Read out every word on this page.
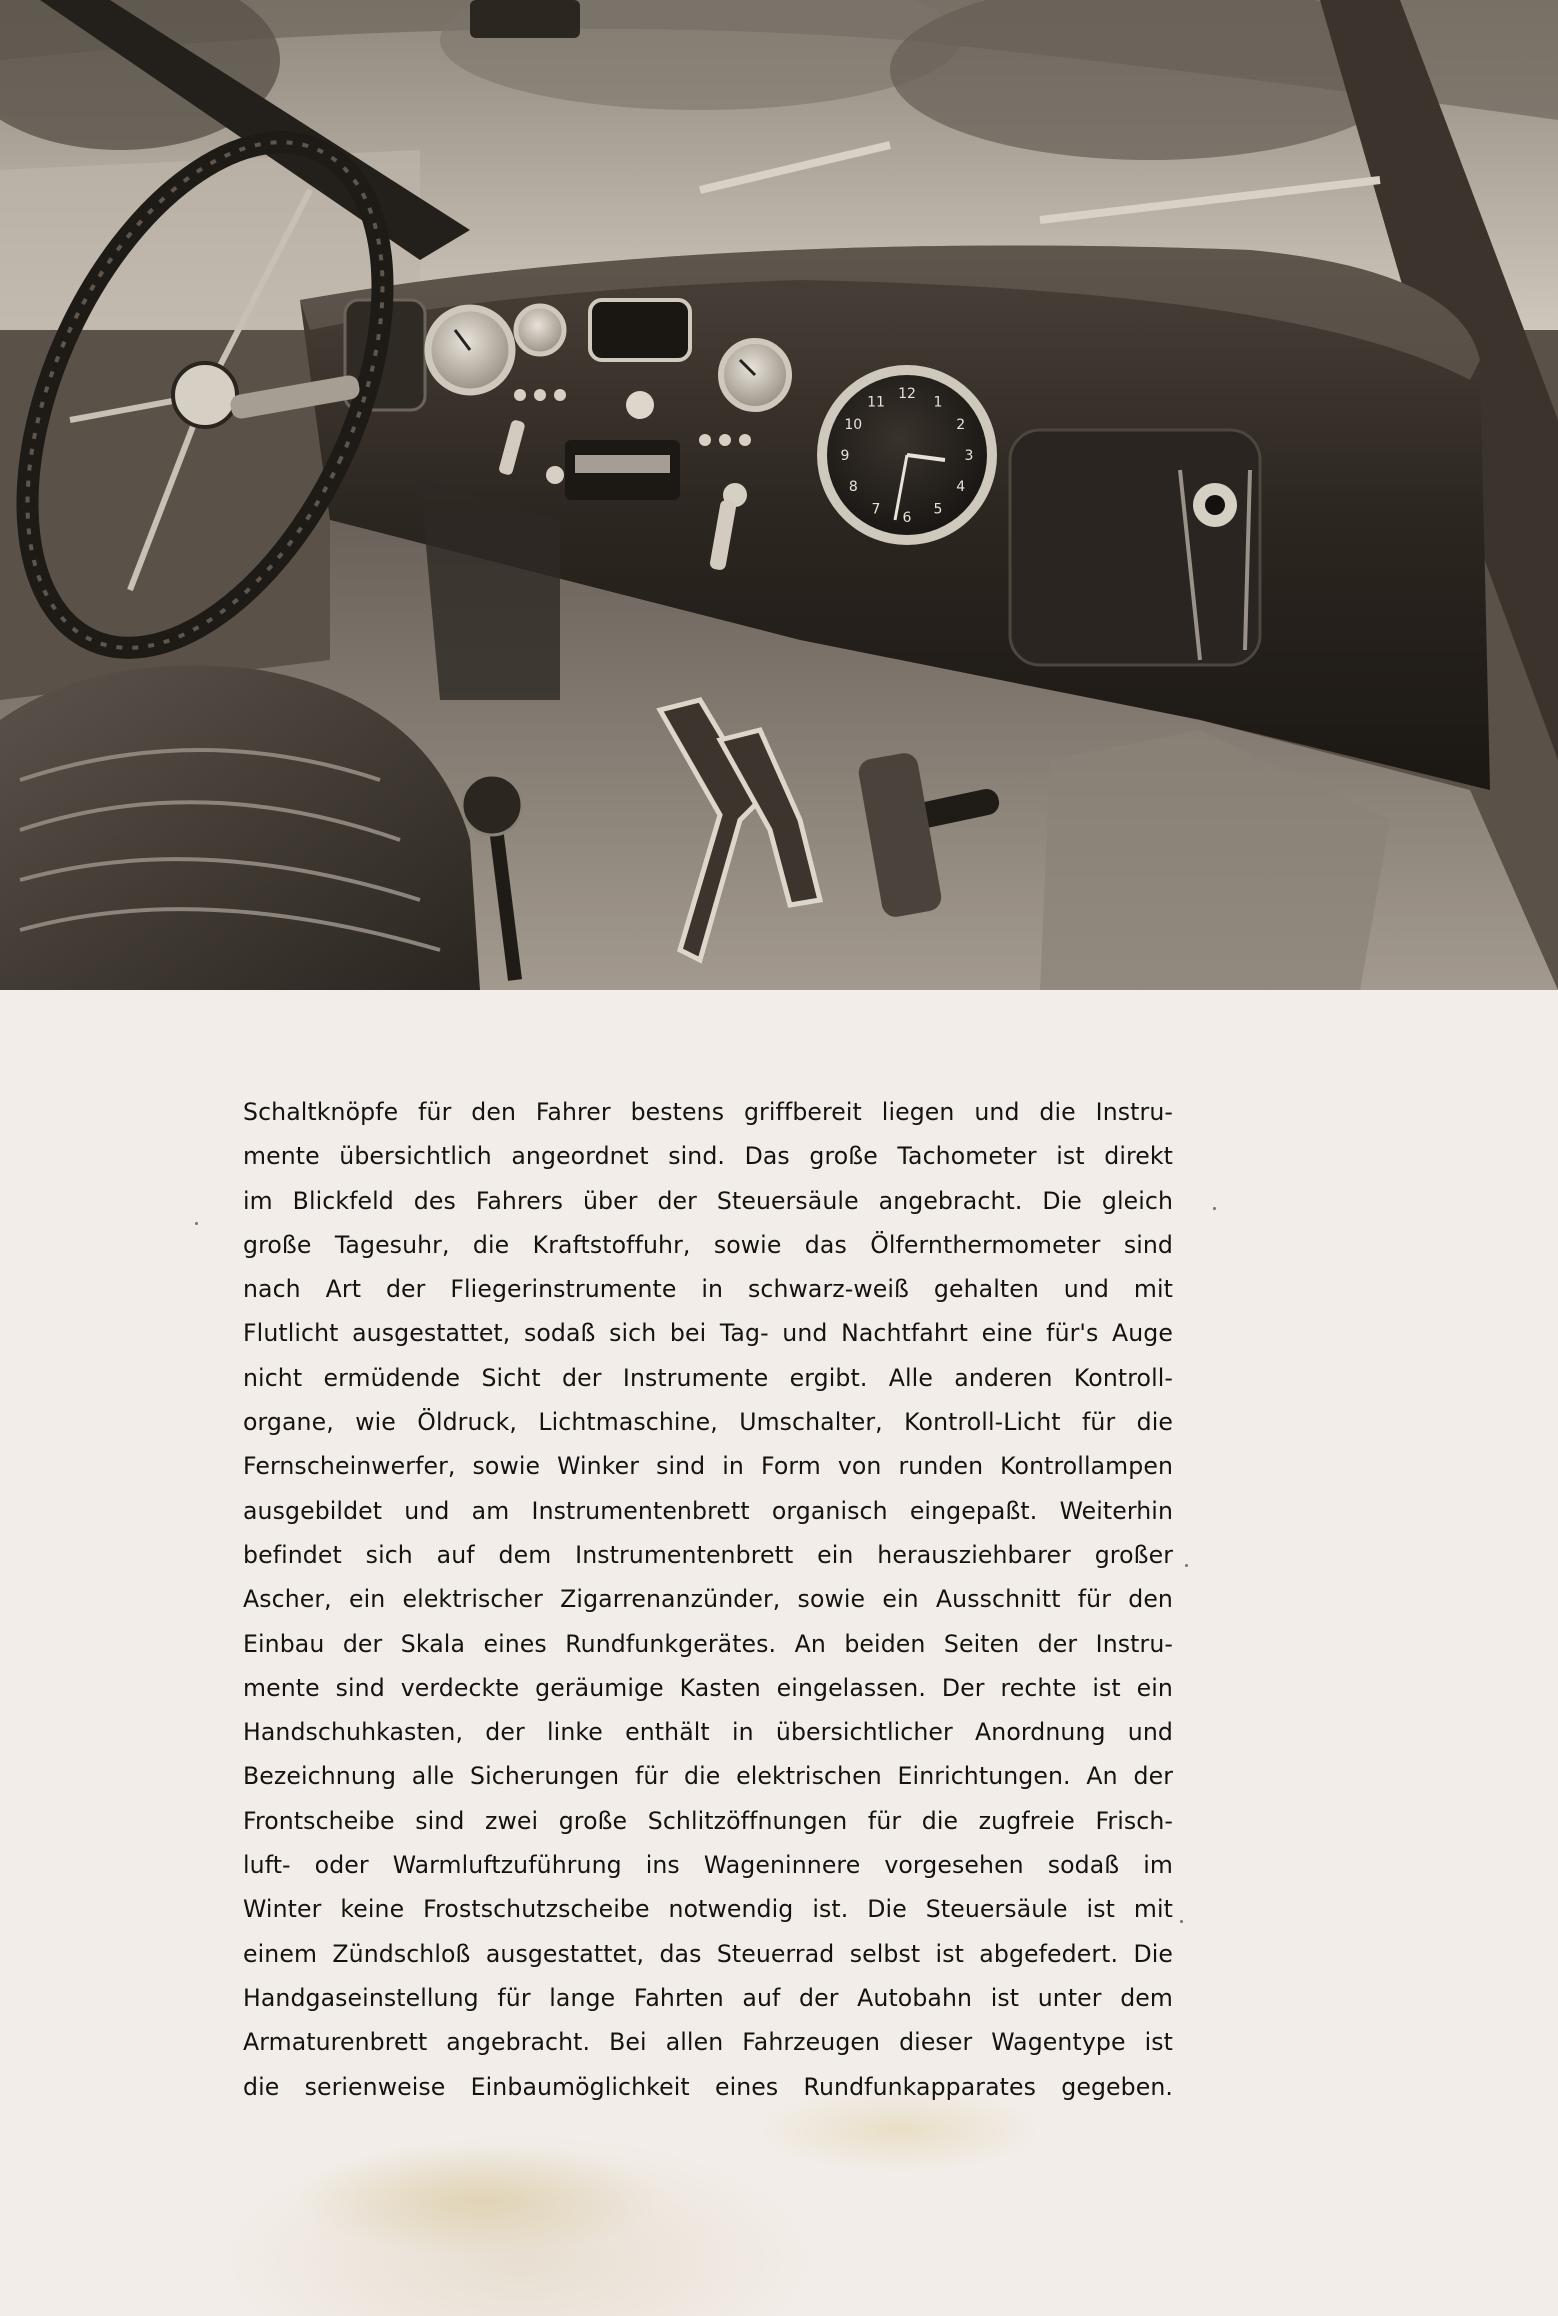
12
1
2
3
4
5
6
7
8
9
10
11
Schaltknöpfe für den Fahrer bestens griffbereit liegen und die Instru-
mente übersichtlich angeordnet sind. Das große Tachometer ist direkt
im Blickfeld des Fahrers über der Steuersäule angebracht. Die gleich
große Tagesuhr, die Kraftstoffuhr, sowie das Ölfernthermometer sind
nach Art der Fliegerinstrumente in schwarz-weiß gehalten und mit
Flutlicht ausgestattet, sodaß sich bei Tag- und Nachtfahrt eine für's Auge
nicht ermüdende Sicht der Instrumente ergibt. Alle anderen Kontroll-
organe, wie Öldruck, Lichtmaschine, Umschalter, Kontroll-Licht für die
Fernscheinwerfer, sowie Winker sind in Form von runden Kontrollampen
ausgebildet und am Instrumentenbrett organisch eingepaßt. Weiterhin
befindet sich auf dem Instrumentenbrett ein herausziehbarer großer
Ascher, ein elektrischer Zigarrenanzünder, sowie ein Ausschnitt für den
Einbau der Skala eines Rundfunkgerätes. An beiden Seiten der Instru-
mente sind verdeckte geräumige Kasten eingelassen. Der rechte ist ein
Handschuhkasten, der linke enthält in übersichtlicher Anordnung und
Bezeichnung alle Sicherungen für die elektrischen Einrichtungen. An der
Frontscheibe sind zwei große Schlitzöffnungen für die zugfreie Frisch-
luft- oder Warmluftzuführung ins Wageninnere vorgesehen sodaß im
Winter keine Frostschutzscheibe notwendig ist. Die Steuersäule ist mit
einem Zündschloß ausgestattet, das Steuerrad selbst ist abgefedert. Die
Handgaseinstellung für lange Fahrten auf der Autobahn ist unter dem
Armaturenbrett angebracht. Bei allen Fahrzeugen dieser Wagentype ist
die serienweise Einbaumöglichkeit eines Rundfunkapparates gegeben.
